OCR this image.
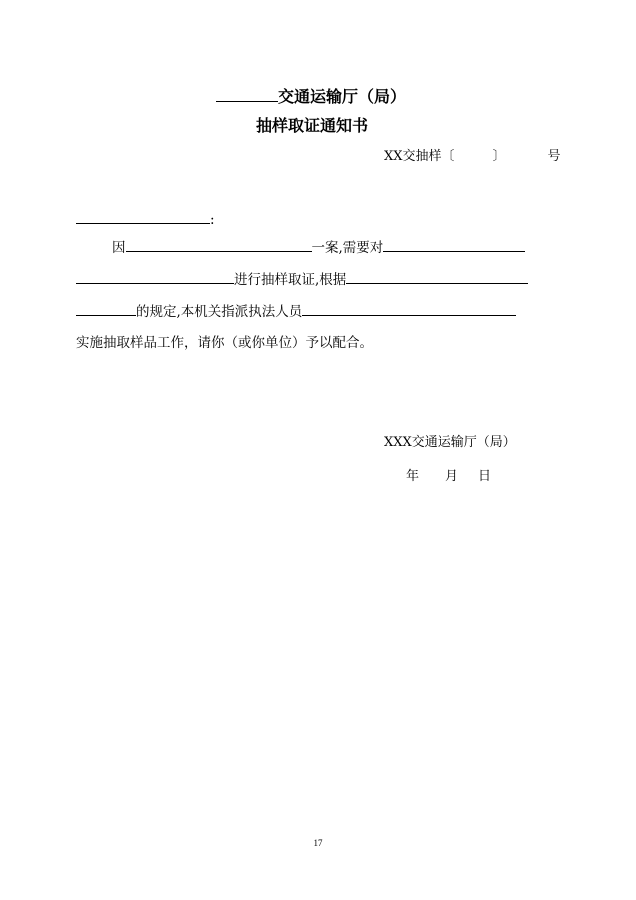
交通运输厅（局）
抽样取证通知书
XX交抽样〔	〕	号
:
因	一案,需要对
进行抽样取证,根据
的规定,本机关指派执法人员
实施抽取样品工作，请你（或你单位）予以配合。
XXX交通运输厅（局）
年 月 日
17
